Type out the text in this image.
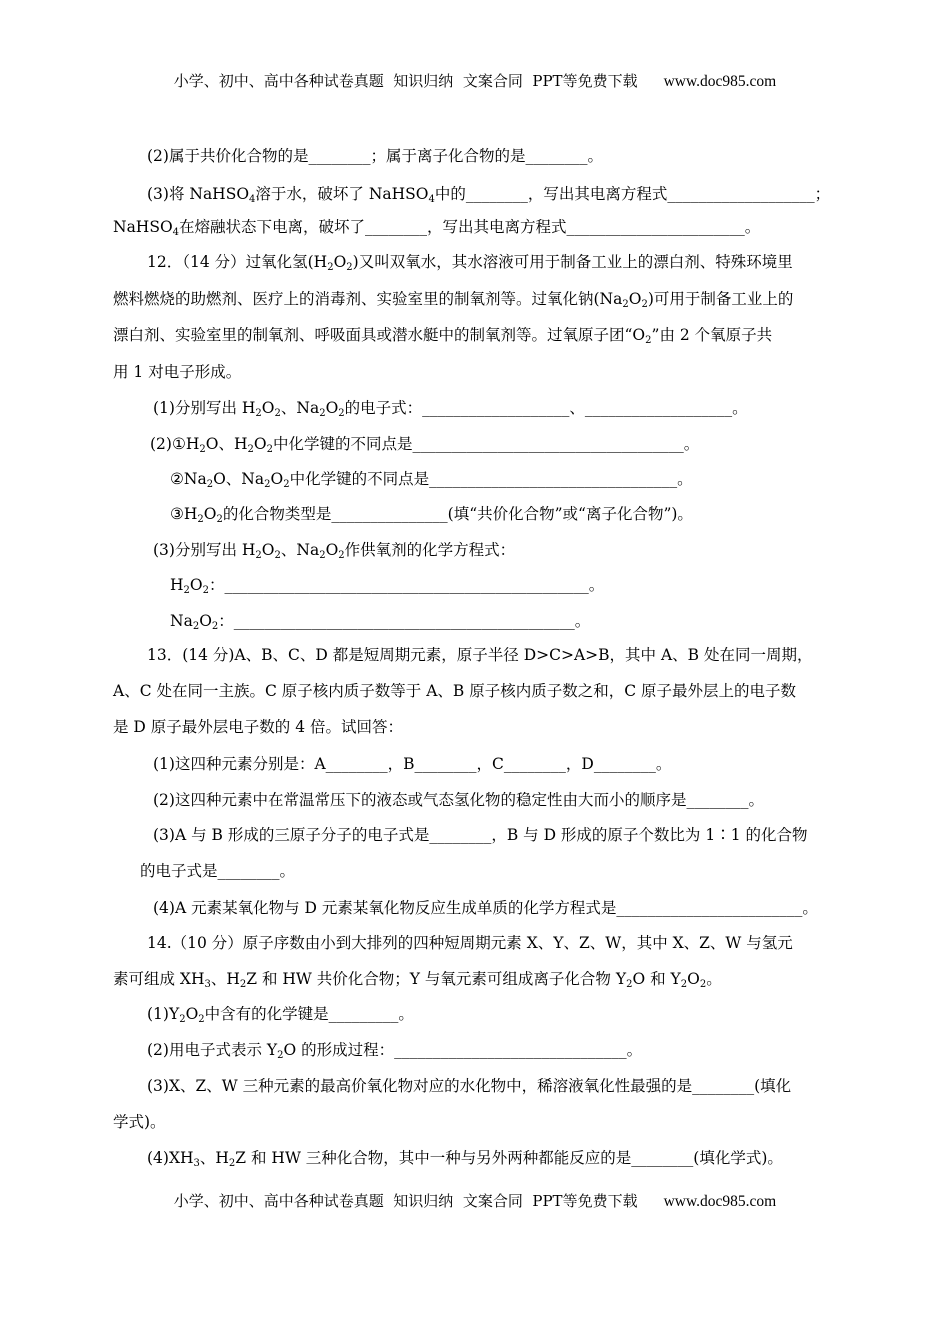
小学、初中、高中各种试卷真题  知识归纳  文案合同  PPT等免费下载 www.doc985.com
(2)属于共价化合物的是________；属于离子化合物的是________。
(3)将 NaHSO$_4$溶于水，破坏了 NaHSO$_4$中的________，写出其电离方程式___________________；
NaHSO$_4$在熔融状态下电离，破坏了________，写出其电离方程式_______________________。
12．（14 分）过氧化氢$(H_2O_2)$又叫双氧水，其水溶液可用于制备工业上的漂白剂、特殊环境里
燃料燃烧的助燃剂、医疗上的消毒剂、实验室里的制氧剂等。过氧化钠$(Na_2O_2)$可用于制备工业上的
漂白剂、实验室里的制氧剂、呼吸面具或潜水艇中的制氧剂等。过氧原子团“$O_2$”由 2 个氧原子共
用 1 对电子形成。
(1)分别写出 $H_2O_2$、$Na_2O_2$的电子式：___________________、___________________。
$(2)①H_2O$、$H_2O_2$中化学键的不同点是___________________________________。
$②Na_2O$、$Na_2O_2$中化学键的不同点是________________________________。
$③H_2O_2$的化合物类型是_______________(填“共价化合物”或“离子化合物”)。
(3)分别写出 $H_2O_2$、$Na_2O_2$作供氧剂的化学方程式：
$H_2O_2$：_______________________________________________。
$Na_2O_2$：____________________________________________。
13．(14 分)A、B、C、D 都是短周期元素，原子半径 D>C>A>B，其中 A、B 处在同一周期，
A、C 处在同一主族。C 原子核内质子数等于 A、B 原子核内质子数之和，C 原子最外层上的电子数
是 D 原子最外层电子数的 4 倍。试回答：
(1)这四种元素分别是：A________，B________，C________，D________。
(2)这四种元素中在常温常压下的液态或气态氢化物的稳定性由大而小的顺序是________。
(3)A 与 B 形成的三原子分子的电子式是________，B 与 D 形成的原子个数比为 1∶1 的化合物
的电子式是________。
(4)A 元素某氧化物与 D 元素某氧化物反应生成单质的化学方程式是________________________。
14.（10 分）原子序数由小到大排列的四种短周期元素 X、Y、Z、W，其中 X、Z、W 与氢元
素可组成 $XH_3$、$H_2Z$ 和 HW 共价化合物；Y 与氧元素可组成离子化合物 $Y_2O$ 和 $Y_2O_2$。
$(1)Y_2O_2$中含有的化学键是_________。
(2)用电子式表示 $Y_2O$ 的形成过程：______________________________。
(3)X、Z、W 三种元素的最高价氧化物对应的水化物中，稀溶液氧化性最强的是________(填化
学式)。
$(4)XH_3$、$H_2Z$ 和 HW 三种化合物，其中一种与另外两种都能反应的是________(填化学式)。
小学、初中、高中各种试卷真题  知识归纳  文案合同  PPT等免费下载 www.doc985.com
